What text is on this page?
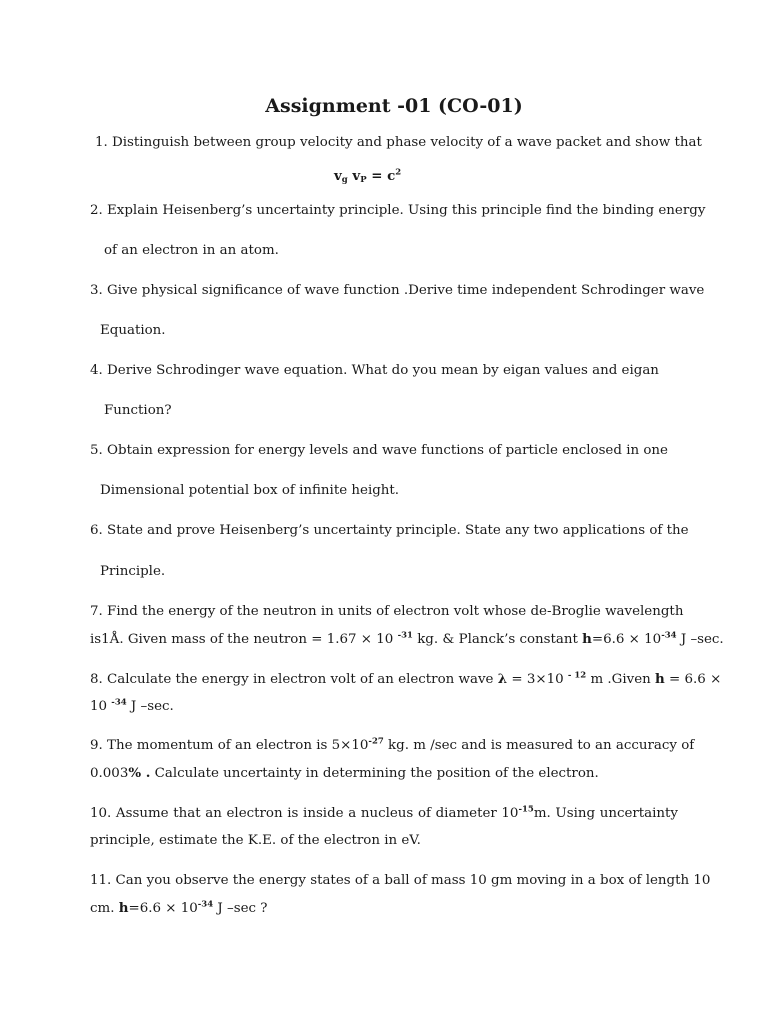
Assignment -01 (CO-01)
1. Distinguish between group velocity and phase velocity of a wave packet and show that
$v_g$ $v_P = c^2$
2. Explain Heisenberg’s uncertainty principle. Using this principle find the binding energy
of an electron in an atom.
3. Give physical significance of wave function .Derive time independent Schrodinger wave
Equation.
4. Derive Schrodinger wave equation. What do you mean by eigan values and eigan
Function?
5. Obtain expression for energy levels and wave functions of particle enclosed in one
Dimensional potential box of infinite height.
6. State and prove Heisenberg’s uncertainty principle. State any two applications of the
Principle.
7. Find the energy of the neutron in units of electron volt whose de-Broglie wavelength
is1Å. Given mass of the neutron = 1.67 × 10 $^{-31}$ kg. & Planck’s constant $h=6.6 \times 10^{-34}$ J –sec.
8. Calculate the energy in electron volt of an electron wave λ = 3×10 $^{- 12}$ m .Given h = 6.6 ×
10 $^{-34}$ J –sec.
9. The momentum of an electron is $5\times 10^{-27}$ kg. m /sec and is measured to an accuracy of
0.003% . Calculate uncertainty in determining the position of the electron.
10. Assume that an electron is inside a nucleus of diameter $10^{-15}m$. Using uncertainty
principle, estimate the K.E. of the electron in eV.
11. Can you observe the energy states of a ball of mass 10 gm moving in a box of length 10
cm. $h=6.6 \times 10^{-34}$ J –sec ?
